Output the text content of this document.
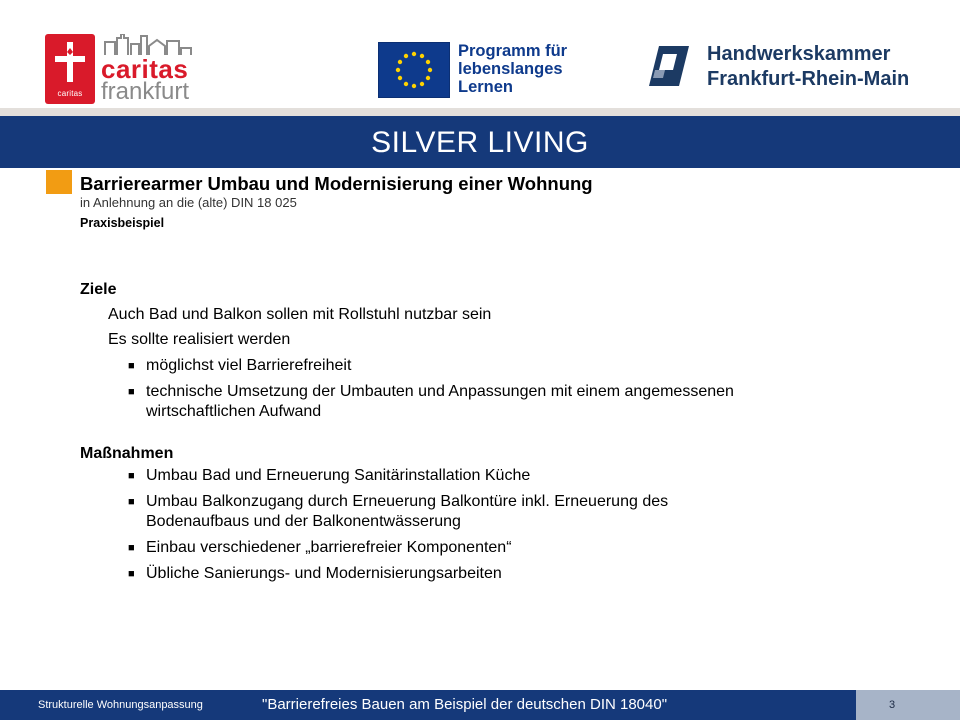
caritas
caritas
frankfurt
Programm für
lebenslanges
Lernen
Handwerkskammer
Frankfurt-Rhein-Main
SILVER LIVING
Barrierearmer Umbau und Modernisierung einer Wohnung
in Anlehnung an die (alte) DIN 18 025
Praxisbeispiel
Ziele
Auch Bad und Balkon sollen mit Rollstuhl nutzbar sein
Es sollte realisiert werden
■ möglichst viel Barrierefreiheit
■ technische Umsetzung der Umbauten und Anpassungen mit einem angemessenen wirtschaftlichen Aufwand
Maßnahmen
■ Umbau Bad und Erneuerung Sanitärinstallation Küche
■ Umbau Balkonzugang durch Erneuerung Balkontüre inkl. Erneuerung des Bodenaufbaus und der Balkonentwässerung
■ Einbau verschiedener „barrierefreier Komponenten“
■ Übliche Sanierungs- und Modernisierungsarbeiten
Strukturelle Wohnungsanpassung	"Barrierefreies Bauen am Beispiel der deutschen DIN 18040"	3
